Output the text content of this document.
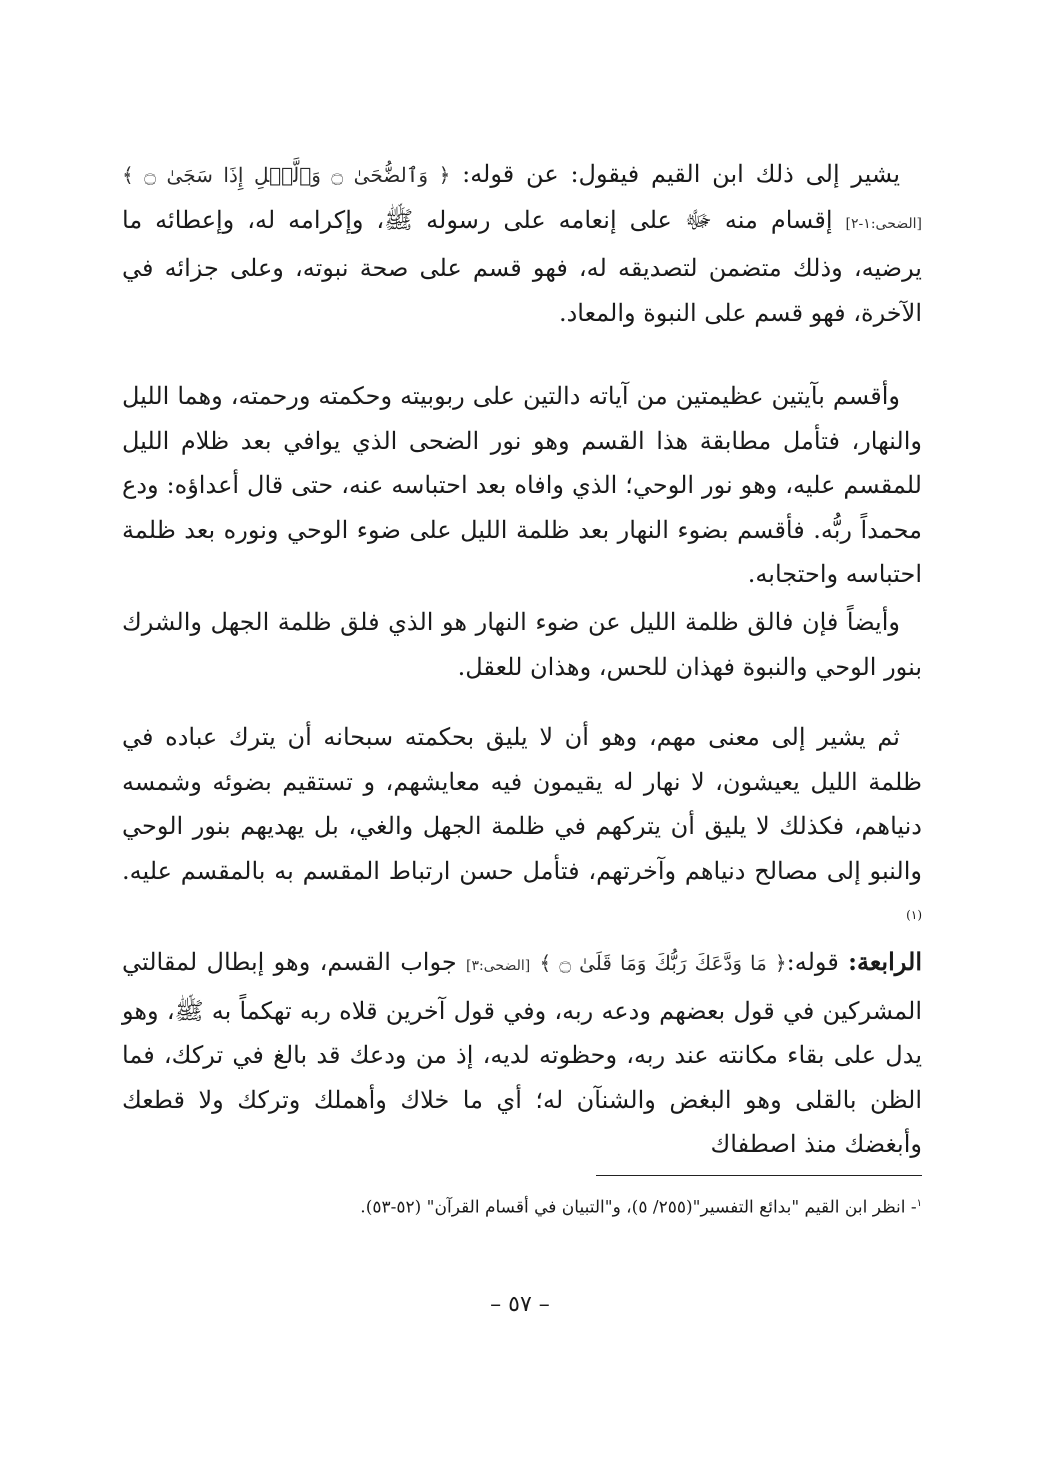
يشير إلى ذلك ابن القيم فيقول: عن قوله: ﴿ وَٱلضُّحَىٰ ۝ وَٱلَّيۡلِ إِذَا سَجَىٰ ۝ ﴾ [الضحى:١-٢] إقسام منه ﷻ على إنعامه على رسوله ﷺ، وإكرامه له، وإعطائه ما يرضيه، وذلك متضمن لتصديقه له، فهو قسم على صحة نبوته، وعلى جزائه في الآخرة، فهو قسم على النبوة والمعاد.

وأقسم بآيتين عظيمتين من آياته دالتين على ربوبيته وحكمته ورحمته، وهما الليل والنهار، فتأمل مطابقة هذا القسم وهو نور الضحى الذي يوافي بعد ظلام الليل للمقسم عليه، وهو نور الوحي؛ الذي وافاه بعد احتباسه عنه، حتى قال أعداؤه: ودع محمداً ربُّه. فأقسم بضوء النهار بعد ظلمة الليل على ضوء الوحي ونوره بعد ظلمة احتباسه واحتجابه.

وأيضاً فإن فالق ظلمة الليل عن ضوء النهار هو الذي فلق ظلمة الجهل والشرك بنور الوحي والنبوة فهذان للحس، وهذان للعقل.

ثم يشير إلى معنى مهم، وهو أن لا يليق بحكمته سبحانه أن يترك عباده في ظلمة الليل يعيشون، لا نهار له يقيمون فيه معايشهم، و تستقيم بضوئه وشمسه دنياهم، فكذلك لا يليق أن يتركهم في ظلمة الجهل والغي، بل يهديهم بنور الوحي والنبو إلى مصالح دنياهم وآخرتهم، فتأمل حسن ارتباط المقسم به بالمقسم عليه.$^{(١)}$

الرابعة: قوله:﴿ مَا وَدَّعَكَ رَبُّكَ وَمَا قَلَىٰ ۝ ﴾ [الضحى:٣] جواب القسم، وهو إبطال لمقالتي المشركين في قول بعضهم ودعه ربه، وفي قول آخرين قلاه ربه تهكماً به ﷺ، وهو يدل على بقاء مكانته عند ربه، وحظوته لديه، إذ من ودعك قد بالغ في تركك، فما الظن بالقلى وهو البغض والشنآن له؛ أي ما خلاك وأهملك وتركك ولا قطعك وأبغضك منذ اصطفاك

$^١$- انظر ابن القيم "بدائع التفسير"(٢٥٥/ ٥)، و"التبيان في أقسام القرآن" (٥٢-٥٣).
– ٥٧ –
